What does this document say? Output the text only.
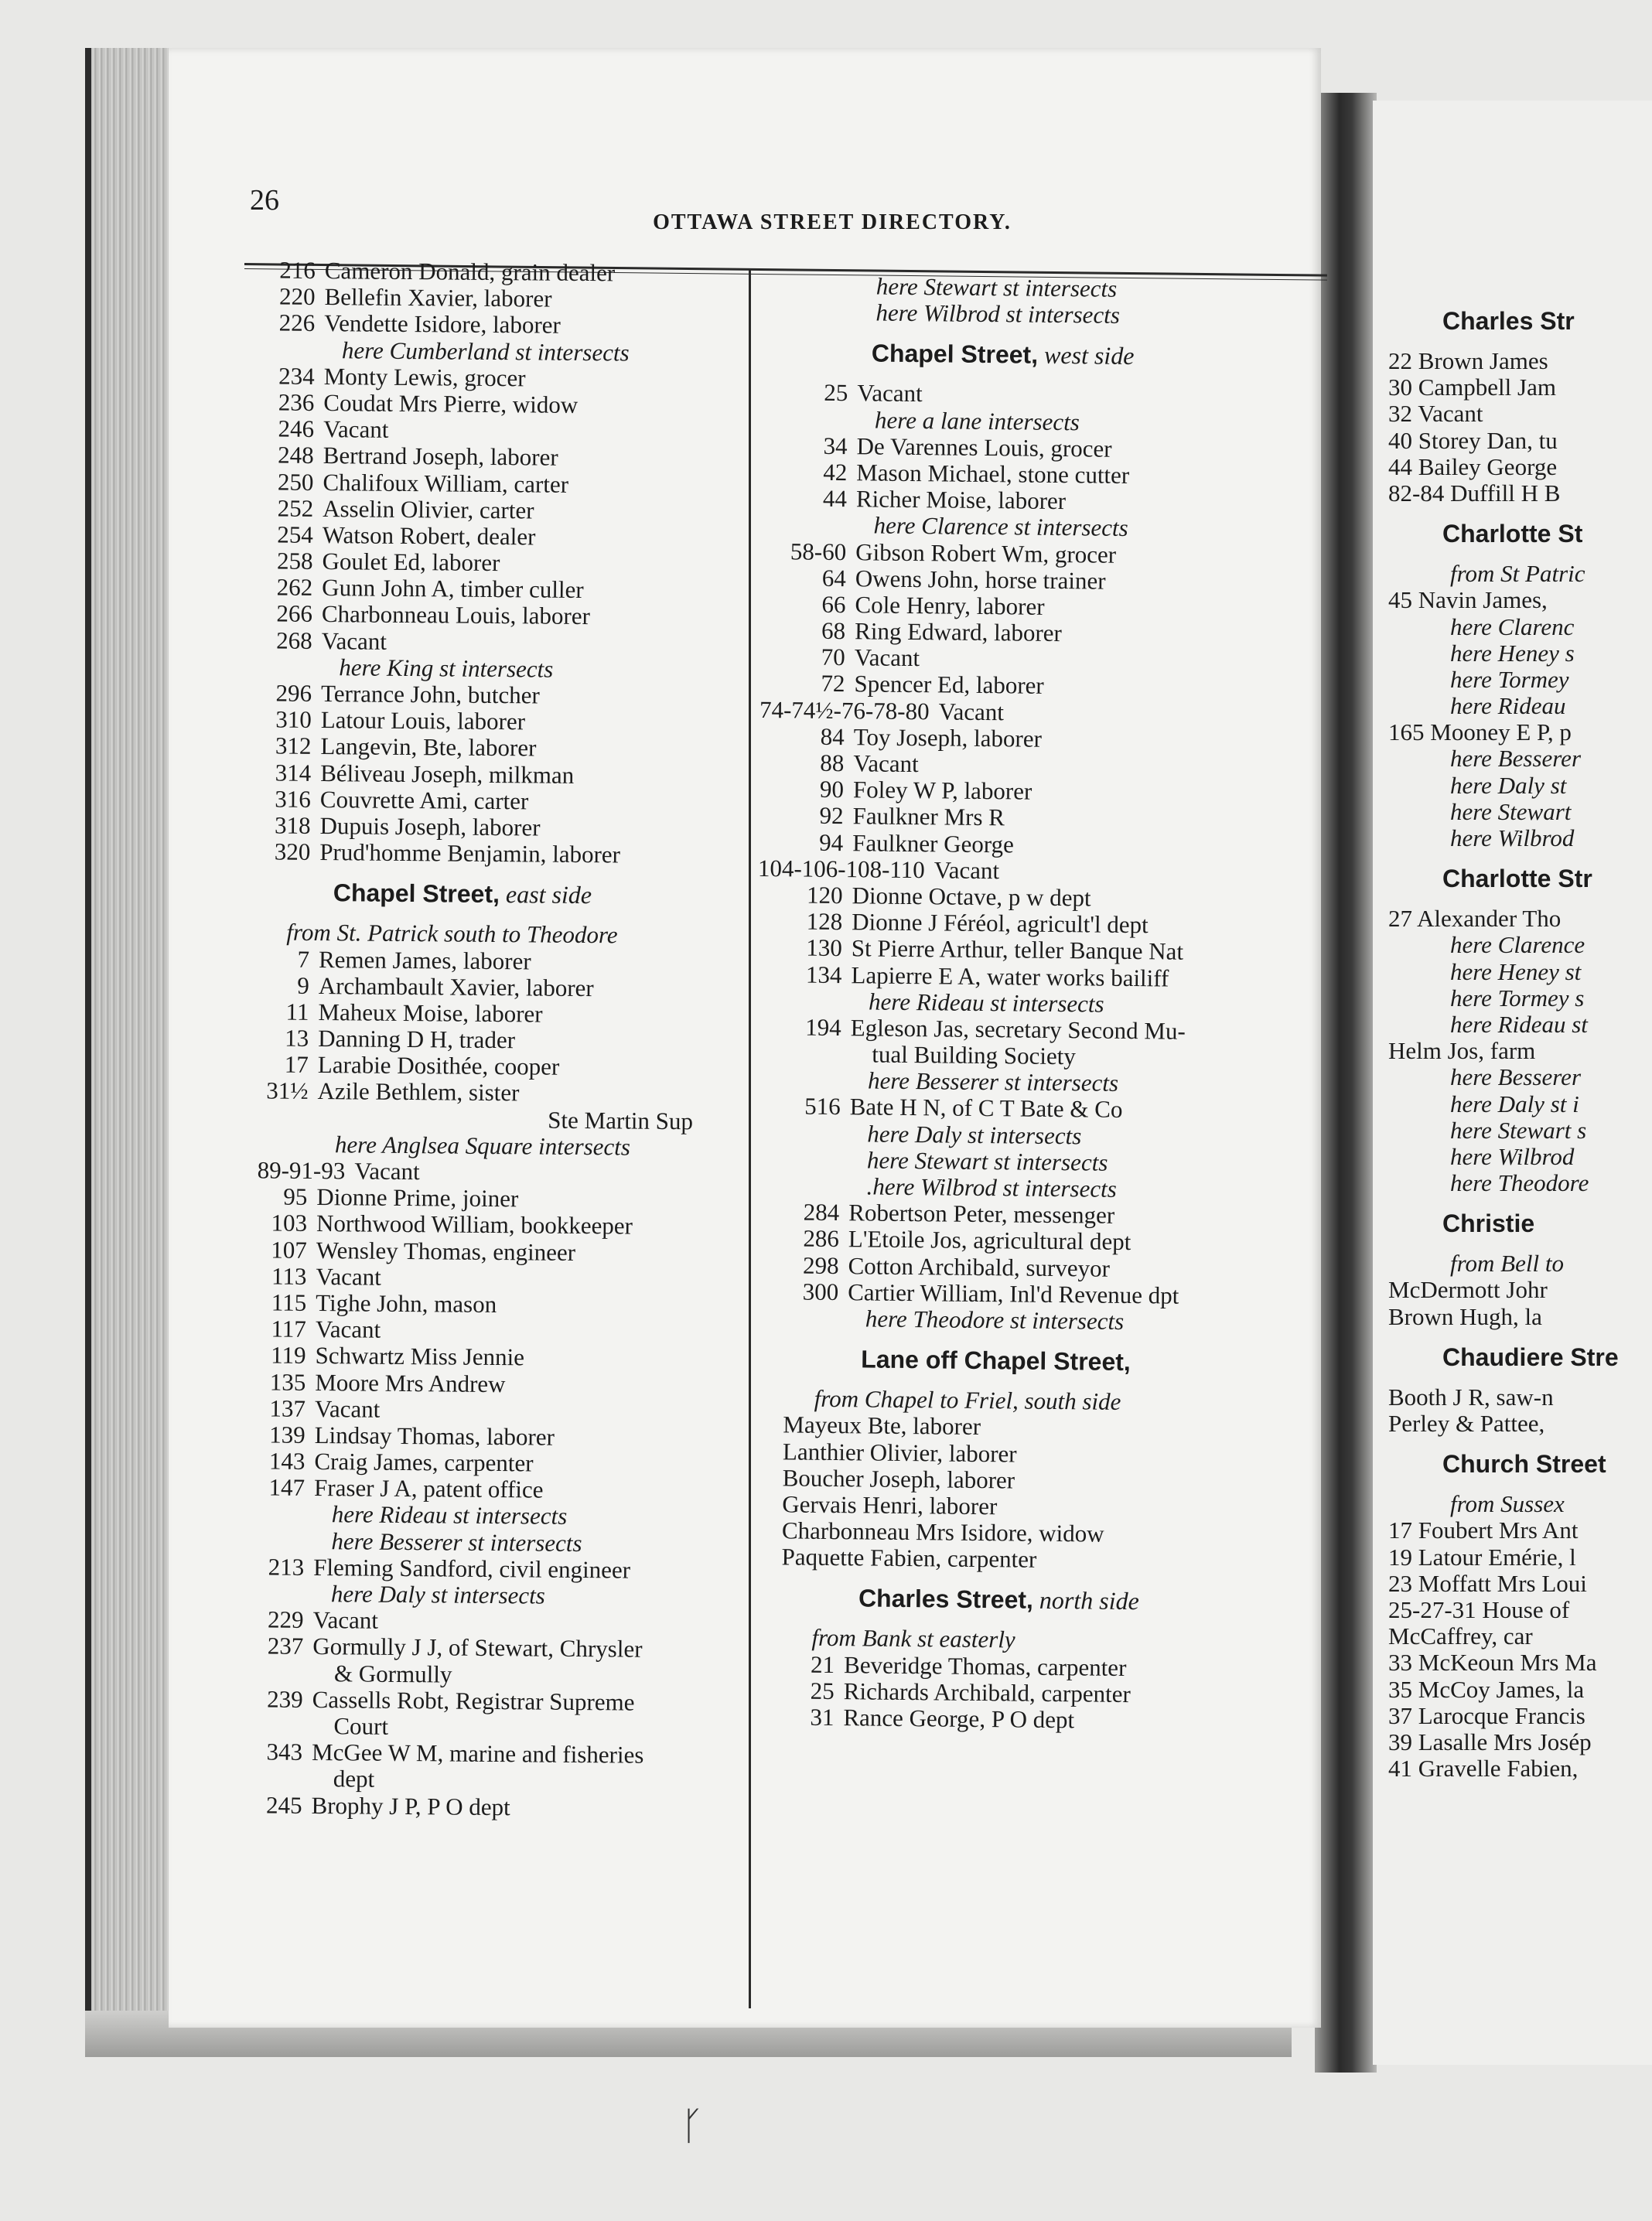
Charles Str
22 Brown James
30 Campbell Jam
32 Vacant
40 Storey Dan, tu
44 Bailey George
82-84 Duffill H B
Charlotte St
from St Patric
45 Navin James,
here Clarenc
here Heney s
here Tormey
here Rideau
165 Mooney E P, p
here Besserer
here Daly st
here Stewart
here Wilbrod
Charlotte Str
27 Alexander Tho
here Clarence
here Heney st
here Tormey s
here Rideau st
Helm Jos, farm
here Besserer
here Daly st i
here Stewart s
here Wilbrod
here Theodore
Christie
from Bell to
McDermott Johr
Brown Hugh, la
Chaudiere Stre
Booth J R, saw-n
Perley & Pattee,
Church Street
from Sussex
17 Foubert Mrs Ant
19 Latour Emérie, l
23 Moffatt Mrs Loui
25-27-31 House of
McCaffrey, car
33 McKeoun Mrs Ma
35 McCoy James, la
37 Larocque Francis
39 Lasalle Mrs Josép
41 Gravelle Fabien,
26
OTTAWA STREET DIRECTORY.
216 Cameron Donald, grain dealer
220 Bellefin Xavier, laborer
226 Vendette Isidore, laborer
here Cumberland st intersects
234 Monty Lewis, grocer
236 Coudat Mrs Pierre, widow
246 Vacant
248 Bertrand Joseph, laborer
250 Chalifoux William, carter
252 Asselin Olivier, carter
254 Watson Robert, dealer
258 Goulet Ed, laborer
262 Gunn John A, timber culler
266 Charbonneau Louis, laborer
268 Vacant
here King st intersects
296 Terrance John, butcher
310 Latour Louis, laborer
312 Langevin, Bte, laborer
314 Béliveau Joseph, milkman
316 Couvrette Ami, carter
318 Dupuis Joseph, laborer
320 Prud'homme Benjamin, laborer
Chapel Street, east side
from St. Patrick south to Theodore
7 Remen James, laborer
9 Archambault Xavier, laborer
11 Maheux Moise, laborer
13 Danning D H, trader
17 Larabie Dosithée, cooper
31½ Azile Bethlem, sister
Ste Martin Sup
here Anglsea Square intersects
89-91-93 Vacant
95 Dionne Prime, joiner
103 Northwood William, bookkeeper
107 Wensley Thomas, engineer
113 Vacant
115 Tighe John, mason
117 Vacant
119 Schwartz Miss Jennie
135 Moore Mrs Andrew
137 Vacant
139 Lindsay Thomas, laborer
143 Craig James, carpenter
147 Fraser J A, patent office
here Rideau st intersects
here Besserer st intersects
213 Fleming Sandford, civil engineer
here Daly st intersects
229 Vacant
237 Gormully J J, of Stewart, Chrysler
& Gormully
239 Cassells Robt, Registrar Supreme
Court
343 McGee W M, marine and fisheries
dept
245 Brophy J P, P O dept
here Stewart st intersects
here Wilbrod st intersects
Chapel Street, west side
25 Vacant
here a lane intersects
34 De Varennes Louis, grocer
42 Mason Michael, stone cutter
44 Richer Moise, laborer
here Clarence st intersects
58-60 Gibson Robert Wm, grocer
64 Owens John, horse trainer
66 Cole Henry, laborer
68 Ring Edward, laborer
70 Vacant
72 Spencer Ed, laborer
74-74½-76-78-80 Vacant
84 Toy Joseph, laborer
88 Vacant
90 Foley W P, laborer
92 Faulkner Mrs R
94 Faulkner George
104-106-108-110 Vacant
120 Dionne Octave, p w dept
128 Dionne J Féréol, agricult'l dept
130 St Pierre Arthur, teller Banque Nat
134 Lapierre E A, water works bailiff
here Rideau st intersects
194 Egleson Jas, secretary Second Mu-
tual Building Society
here Besserer st intersects
516 Bate H N, of C T Bate & Co
here Daly st intersects
here Stewart st intersects
.here Wilbrod st intersects
284 Robertson Peter, messenger
286 L'Etoile Jos, agricultural dept
298 Cotton Archibald, surveyor
300 Cartier William, Inl'd Revenue dpt
here Theodore st intersects
Lane off Chapel Street,
from Chapel to Friel, south side
Mayeux Bte, laborer
Lanthier Olivier, laborer
Boucher Joseph, laborer
Gervais Henri, laborer
Charbonneau Mrs Isidore, widow
Paquette Fabien, carpenter
Charles Street, north side
from Bank st easterly
21 Beveridge Thomas, carpenter
25 Richards Archibald, carpenter
31 Rance George, P O dept
ᚴ
